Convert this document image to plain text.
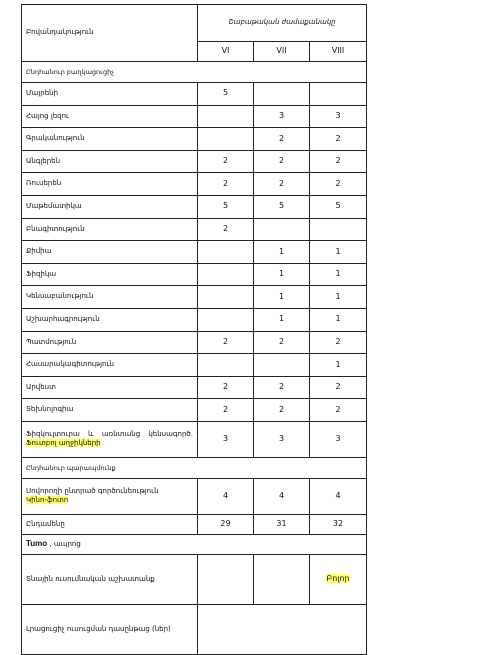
Բովանդակություն	Շաբաթական ժամաքանակը		
	VI	VII	VIII
Ընդհանուր բաղկացուցիչ			
Մայրենի	5		
Հայոց լեզու		3	3
Գրականություն		2	2
Անգլերեն	2	2	2
Ռուսերեն	2	2	2
Մաթեմատիկա	5	5	5
Բնագիտություն	2		
Քիմիա		1	1
Ֆիզիկա		1	1
Կենսաբանություն		1	1
Աշխարհագրություն		1	1
Պատմություն	2	2	2
Հասարակագիտություն			1
Արվեստ	2	2	2
Տեխնոլոգիա	2	2	2

Ֆիզկուլտուրա և առնտանց կենսագործ.
Ֆուտբոլ աղջիկների	3	3	3
Ընդհանուր պարապմունք			
Սովորողի ընտրած գործունեություն
Կինո-ֆոտո	4	4	4
Ընդամենը	29	31	32
Tumo , ապրոց			
Տնային ուսումնական աշխատանք			Բոլոր
Լրացուցիչ ուսուցման դասընթաց (ներ)			
